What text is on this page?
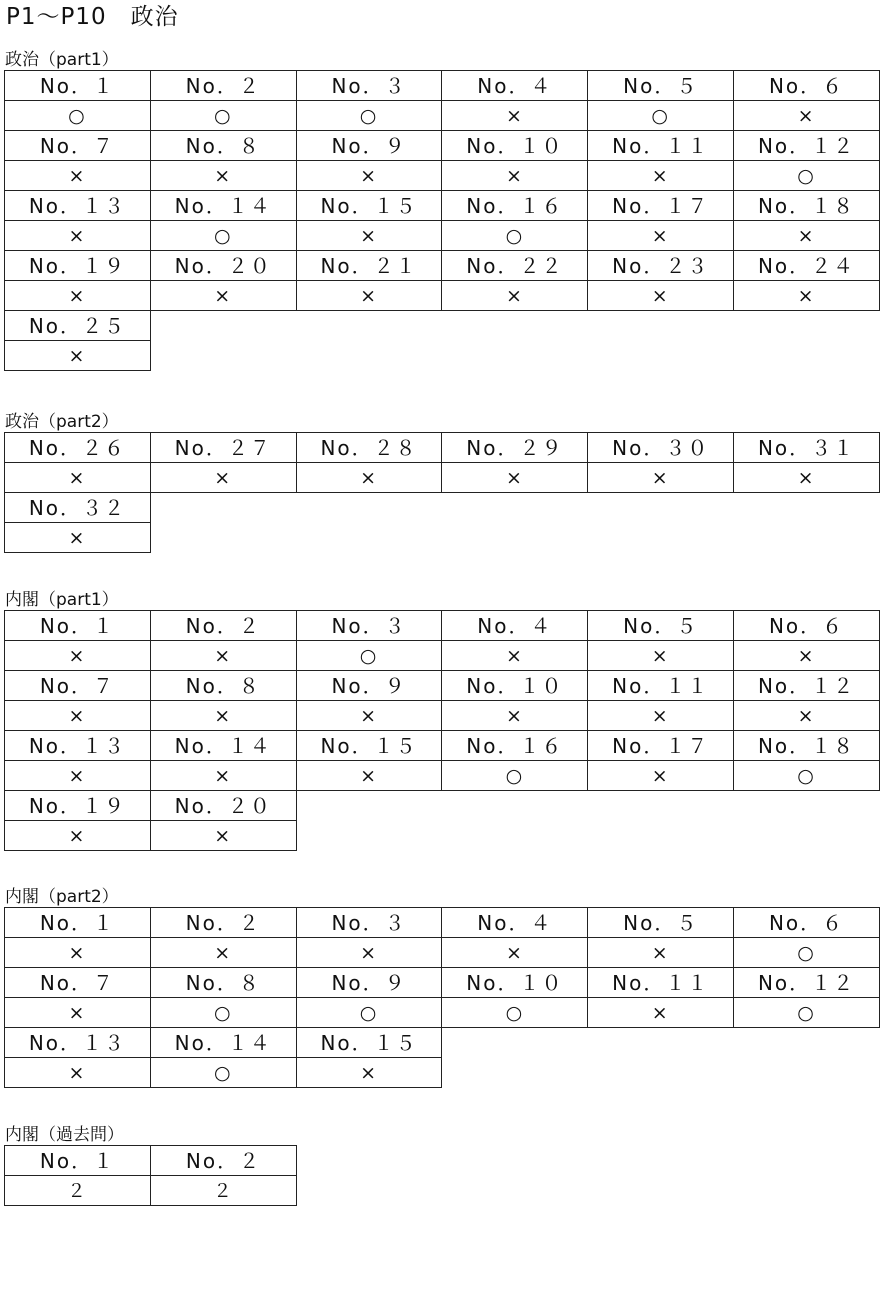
P1～P10　政治
政治（part1）
No．１	No．２	No．３	No．４	No．５	No．６
○	○	○	×	○	×
No．７	No．８	No．９	No．１０	No．１１	No．１２
×	×	×	×	×	○
No．１３	No．１４	No．１５	No．１６	No．１７	No．１８
×	○	×	○	×	×
No．１９	No．２０	No．２１	No．２２	No．２３	No．２４
×	×	×	×	×	×
No．２５					
×					
政治（part2）
No．２６	No．２７	No．２８	No．２９	No．３０	No．３１
×	×	×	×	×	×
No．３２					
×					
内閣（part1）
No．１	No．２	No．３	No．４	No．５	No．６
×	×	○	×	×	×
No．７	No．８	No．９	No．１０	No．１１	No．１２
×	×	×	×	×	×
No．１３	No．１４	No．１５	No．１６	No．１７	No．１８
×	×	×	○	×	○
No．１９	No．２０				
×	×				
内閣（part2）
No．１	No．２	No．３	No．４	No．５	No．６
×	×	×	×	×	○
No．７	No．８	No．９	No．１０	No．１１	No．１２
×	○	○	○	×	○
No．１３	No．１４	No．１５			
×	○	×			
内閣（過去問）
No．１	No．２
２	２
